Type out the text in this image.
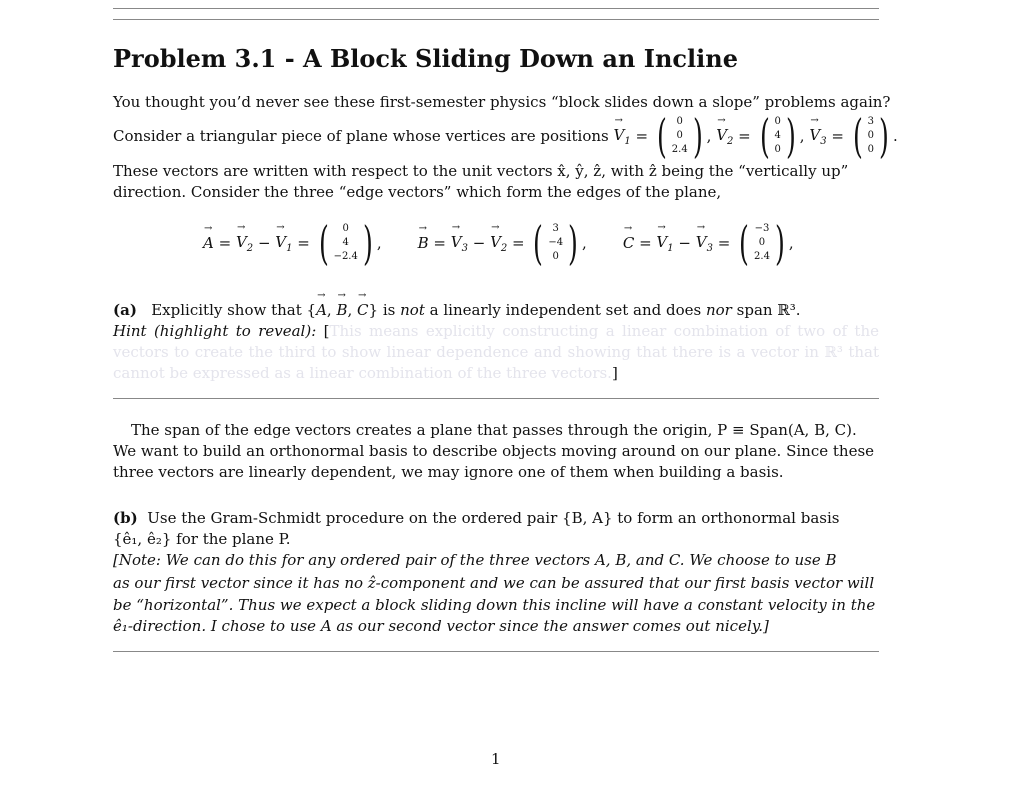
Problem 3.1 - A Block Sliding Down an Incline
You thought you’d never see these first-semester physics “block slides down a slope” problems again?
Consider a triangular piece of plane whose vertices are positions
→ $V_1$ = ( 0
0
2.4 ) , → $V_2$ = ( 0
4
0 ) , → $V_3$ = ( 3
0
0 ) .
These vectors are written with respect to the unit vectors x̂, ŷ, ẑ, with ẑ being the “vertically up”
direction. Consider the three “edge vectors” which form the edges of the plane,
→ A = → $V_2$ − → $V_1$ = ( 0
4
−2.4 ) , → B = → $V_3$ − → $V_2$ = ( 3
−4
0 ) , → C = → $V_1$ − → $V_3$ = ( −3
0
2.4 ) ,
(a) Explicitly show that {→ A, → B, → C} is not a linearly independent set and does nor span ℝ³.
Hint (highlight to reveal): [This means explicitly constructing a linear combination of two of the vectors to create the third to show linear dependence and showing that there is a vector in ℝ³ that cannot be expressed as a linear combination of the three vectors.]
The span of the edge vectors creates a plane that passes through the origin, P ≡ Span(A, B, C).
We want to build an orthonormal basis to describe objects moving around on our plane. Since these
three vectors are linearly dependent, we may ignore one of them when building a basis.
(b) Use the Gram-Schmidt procedure on the ordered pair {B, A} to form an orthonormal basis
{ê₁, ê₂} for the plane P.
[Note: We can do this for any ordered pair of the three vectors A, B, and C. We choose to use B
as our first vector since it has no ẑ-component and we can be assured that our first basis vector will
be “horizontal”. Thus we expect a block sliding down this incline will have a constant velocity in the
ê₁-direction. I chose to use A as our second vector since the answer comes out nicely.]
1
